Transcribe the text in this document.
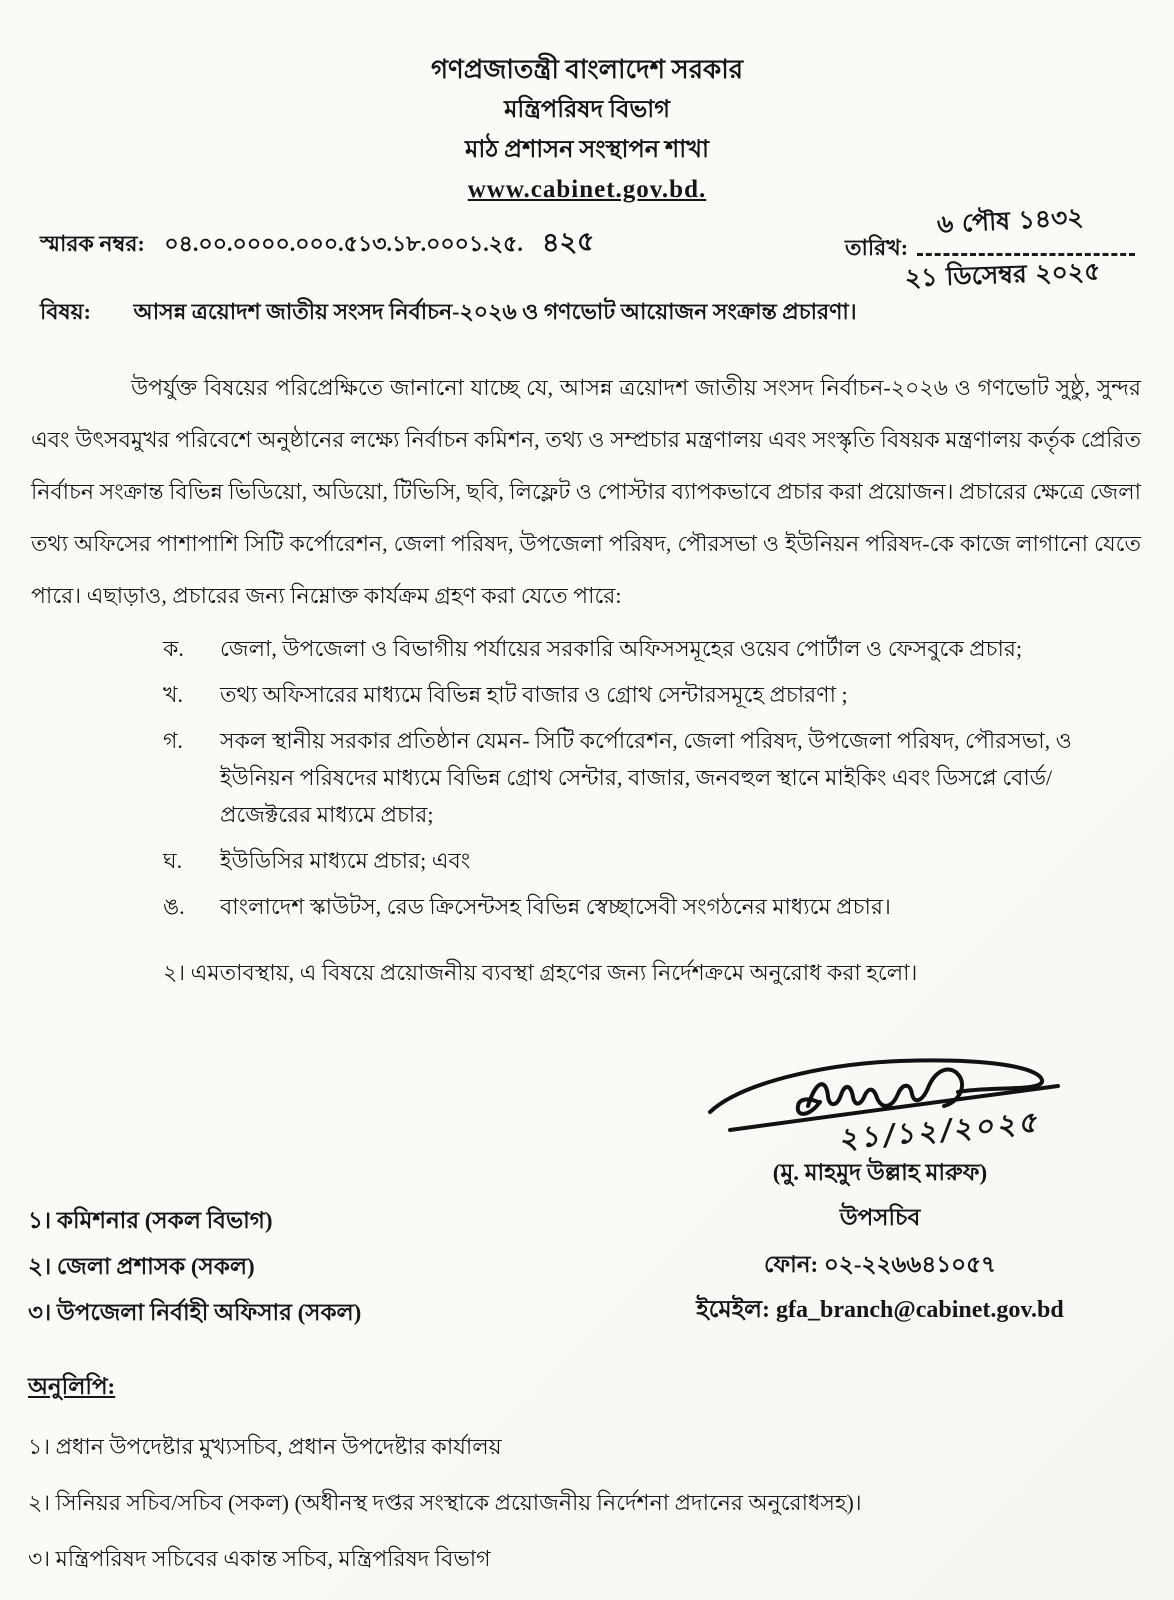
গণপ্রজাতন্ত্রী বাংলাদেশ সরকার
মন্ত্রিপরিষদ বিভাগ
মাঠ প্রশাসন সংস্থাপন শাখা
www.cabinet.gov.bd.
স্মারক নম্বর: ০৪.০০.০০০০.০০০.৫১৩.১৮.০০০১.২৫. ৪২৫	তারিখ:
৬ পৌষ ১৪৩২
২১ ডিসেম্বর ২০২৫
বিষয়: আসন্ন ত্রয়োদশ জাতীয় সংসদ নির্বাচন-২০২৬ ও গণভোট আয়োজন সংক্রান্ত প্রচারণা।
উপর্যুক্ত বিষয়ের পরিপ্রেক্ষিতে জানানো যাচ্ছে যে, আসন্ন ত্রয়োদশ জাতীয় সংসদ নির্বাচন-২০২৬ ও গণভোট সুষ্ঠু, সুন্দর এবং উৎসবমুখর পরিবেশে অনুষ্ঠানের লক্ষ্যে নির্বাচন কমিশন, তথ্য ও সম্প্রচার মন্ত্রণালয় এবং সংস্কৃতি বিষয়ক মন্ত্রণালয় কর্তৃক প্রেরিত নির্বাচন সংক্রান্ত বিভিন্ন ভিডিয়ো, অডিয়ো, টিভিসি, ছবি, লিফ্লেট ও পোস্টার ব্যাপকভাবে প্রচার করা প্রয়োজন। প্রচারের ক্ষেত্রে জেলা তথ্য অফিসের পাশাপাশি সিটি কর্পোরেশন, জেলা পরিষদ, উপজেলা পরিষদ, পৌরসভা ও ইউনিয়ন পরিষদ-কে কাজে লাগানো যেতে পারে। এছাড়াও, প্রচারের জন্য নিম্নোক্ত কার্যক্রম গ্রহণ করা যেতে পারে:
ক.	জেলা, উপজেলা ও বিভাগীয় পর্যায়ের সরকারি অফিসসমূহের ওয়েব পোর্টাল ও ফেসবুকে প্রচার;
খ.	তথ্য অফিসারের মাধ্যমে বিভিন্ন হাট বাজার ও গ্রোথ সেন্টারসমূহে প্রচারণা ;
গ.	সকল স্থানীয় সরকার প্রতিষ্ঠান যেমন- সিটি কর্পোরেশন, জেলা পরিষদ, উপজেলা পরিষদ, পৌরসভা, ও ইউনিয়ন পরিষদের মাধ্যমে বিভিন্ন গ্রোথ সেন্টার, বাজার, জনবহুল স্থানে মাইকিং এবং ডিসপ্লে বোর্ড/ প্রজেক্টরের মাধ্যমে প্রচার;
ঘ.	ইউডিসির মাধ্যমে প্রচার; এবং
ঙ.	বাংলাদেশ স্কাউটস, রেড ক্রিসেন্টসহ বিভিন্ন স্বেচ্ছাসেবী সংগঠনের মাধ্যমে প্রচার।
২। এমতাবস্থায়, এ বিষয়ে প্রয়োজনীয় ব্যবস্থা গ্রহণের জন্য নির্দেশক্রমে অনুরোধ করা হলো।
২১/১২/২০২৫
(মু. মাহমুদ উল্লাহ মারুফ)
উপসচিব
ফোন: ০২-২২৬৬৪১০৫৭
ইমেইল: gfa_branch@cabinet.gov.bd
১। কমিশনার (সকল বিভাগ)
২। জেলা প্রশাসক (সকল)
৩। উপজেলা নির্বাহী অফিসার (সকল)
অনুলিপি:
১। প্রধান উপদেষ্টার মুখ্যসচিব, প্রধান উপদেষ্টার কার্যালয়
২। সিনিয়র সচিব/সচিব (সকল) (অধীনস্থ দপ্তর সংস্থাকে প্রয়োজনীয় নির্দেশনা প্রদানের অনুরোধসহ)।
৩। মন্ত্রিপরিষদ সচিবের একান্ত সচিব, মন্ত্রিপরিষদ বিভাগ
